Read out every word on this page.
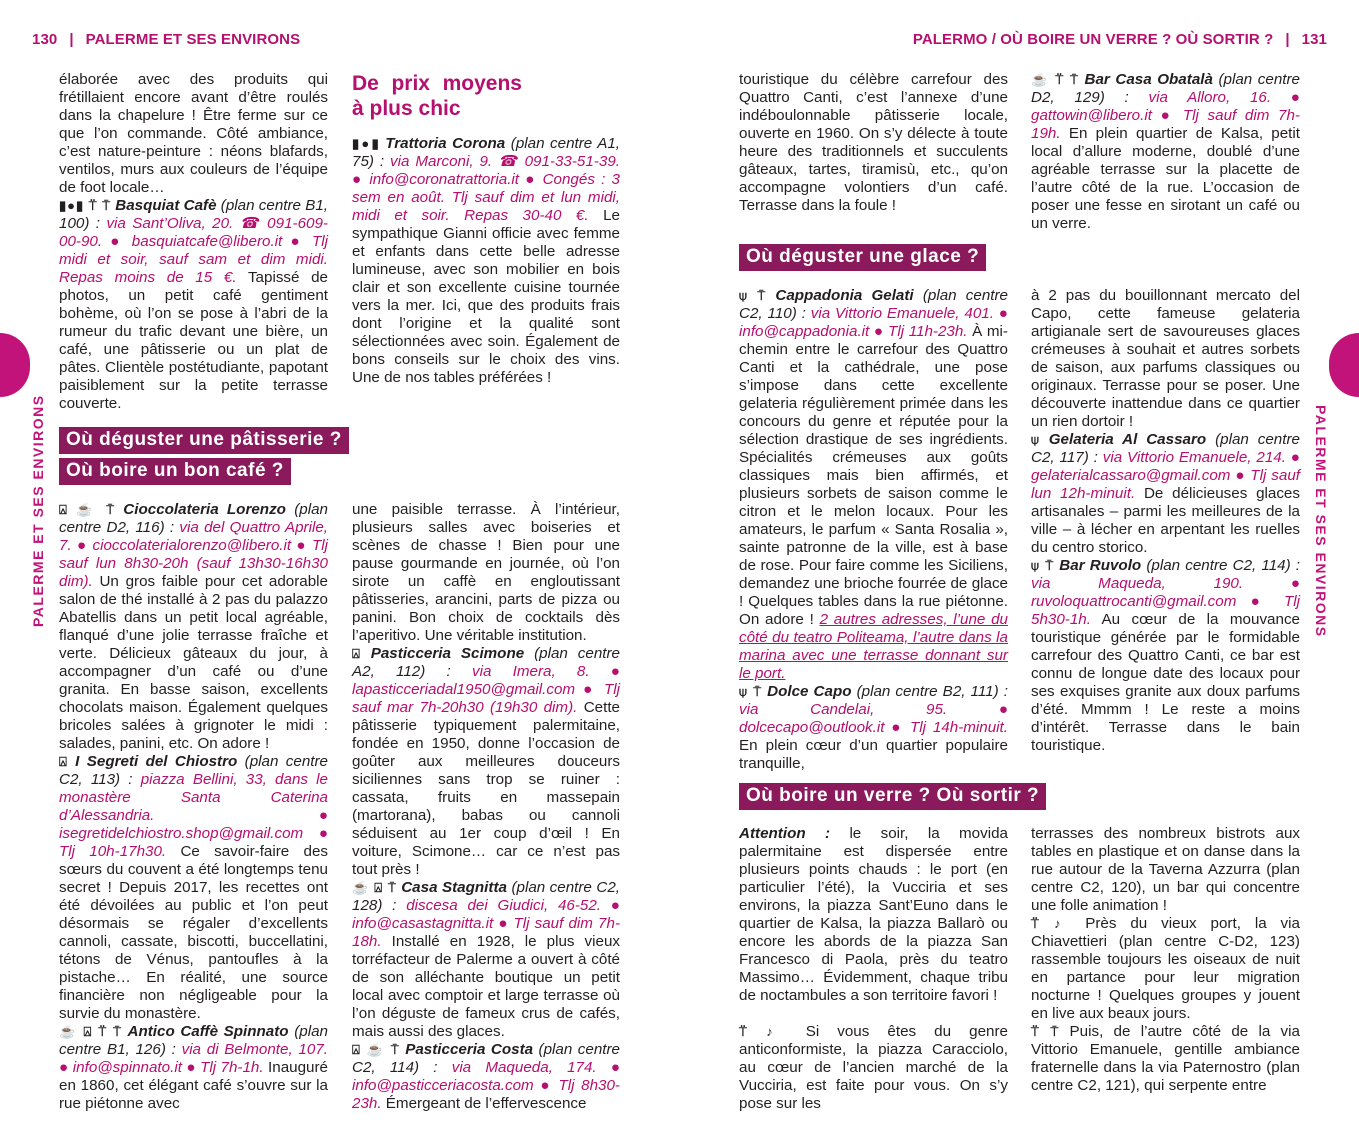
130 | PALERME ET SES ENVIRONS
PALERME ET SES ENVIRONS

élaborée avec des produits qui frétillaient encore avant d’être roulés dans la chapelure ! Être ferme sur ce que l’on commande. Côté ambiance, c’est nature-peinture : néons blafards, ventilos, murs aux couleurs de l’équipe de foot locale…

▮●▮ ⍡ ⍑ Basquiat Cafè (plan centre B1, 100) : via Sant’Oliva, 20. ☎ 091-609-00-90. ● basquiatcafe@libero.it ● Tlj midi et soir, sauf sam et dim midi. Repas moins de 15 €. Tapissé de photos, un petit café gentiment bohème, où l’on se pose à l’abri de la rumeur du trafic devant une bière, un café, une pâtisserie ou un plat de pâtes. Clientèle postétudiante, papotant paisiblement sur la petite terrasse couverte.

De prix moyens à plus chic

▮●▮ Trattoria Corona (plan centre A1, 75) : via Marconi, 9. ☎ 091-33-51-39. ● info@coronatrattoria.it ● Congés : 3 sem en août. Tlj sauf dim et lun midi, midi et soir. Repas 30-40 €. Le sympathique Gianni officie avec femme et enfants dans cette belle adresse lumineuse, avec son mobilier en bois clair et son excellente cuisine tournée vers la mer. Ici, que des produits frais dont l’origine et la qualité sont sélectionnées avec soin. Également de bons conseils sur le choix des vins. Une de nos tables préférées !

Où déguster une pâtisserie ?
Où boire un bon café ?

⍓ ☕ ⍑ Cioccolateria Lorenzo (plan centre D2, 116) : via del Quattro Aprile, 7. ● cioccolaterialorenzo@libero.it ● Tlj sauf lun 8h30-20h (sauf 13h30-16h30 dim). Un gros faible pour cet adorable salon de thé installé à 2 pas du palazzo Abatellis dans un petit local agréable, flanqué d’une jolie terrasse fraîche et verte. Délicieux gâteaux du jour, à accompagner d’un café ou d’une granita. En basse saison, excellents chocolats maison. Également quelques bricoles salées à grignoter le midi : salades, panini, etc. On adore !

⍓ I Segreti del Chiostro (plan centre C2, 113) : piazza Bellini, 33, dans le monastère Santa Caterina d’Alessandria. ● isegretidelchiostro.shop@gmail.com ● Tlj 10h-17h30. Ce savoir-faire des sœurs du couvent a été longtemps tenu secret ! Depuis 2017, les recettes ont été dévoilées au public et l’on peut désormais se régaler d’excellents cannoli, cassate, biscotti, buccellatini, tétons de Vénus, pantoufles à la pistache… En réalité, une source financière non négligeable pour la survie du monastère.

☕ ⍓ ⍡ ⍑ Antico Caffè Spinnato (plan centre B1, 126) : via di Belmonte, 107. ● info@spinnato.it ● Tlj 7h-1h. Inauguré en 1860, cet élégant café s’ouvre sur la rue piétonne avec

une paisible terrasse. À l’intérieur, plusieurs salles avec boiseries et scènes de chasse ! Bien pour une pause gourmande en journée, où l’on sirote un caffè en engloutissant pâtisseries, arancini, parts de pizza ou panini. Bon choix de cocktails dès l’aperitivo. Une véritable institution.

⍓ Pasticceria Scimone (plan centre A2, 112) : via Imera, 8. ● lapasticceriadal1950@gmail.com ● Tlj sauf mar 7h-20h30 (19h30 dim). Cette pâtisserie typiquement palermitaine, fondée en 1950, donne l’occasion de goûter aux meilleures douceurs siciliennes sans trop se ruiner : cassata, fruits en massepain (martorana), babas ou cannoli séduisent au 1er coup d’œil ! En voiture, Scimone… car ce n’est pas tout près !

☕ ⍓ ⍑ Casa Stagnitta (plan centre C2, 128) : discesa dei Giudici, 46-52. ● info@casastagnitta.it ● Tlj sauf dim 7h-18h. Installé en 1928, le plus vieux torréfacteur de Palerme a ouvert à côté de son alléchante boutique un petit local avec comptoir et large terrasse où l’on déguste de fameux crus de cafés, mais aussi des glaces.

⍓ ☕ ⍑ Pasticceria Costa (plan centre C2, 114) : via Maqueda, 174. ● info@pasticceriacosta.com ● Tlj 8h30-23h. Émergeant de l’effervescence

PALERMO / OÙ BOIRE UN VERRE ? OÙ SORTIR ? | 131
PALERME ET SES ENVIRONS

touristique du célèbre carrefour des Quattro Canti, c’est l’annexe d’une indéboulonnable pâtisserie locale, ouverte en 1960. On s’y délecte à toute heure des traditionnels et succulents gâteaux, tartes, tiramisù, etc., qu’on accompagne volontiers d’un café. Terrasse dans la foule !

☕ ⍡ ⍑ Bar Casa Obatalà (plan centre D2, 129) : via Alloro, 16. ● gattowin@libero.it ● Tlj sauf dim 7h-19h. En plein quartier de Kalsa, petit local d’allure moderne, doublé d’une agréable terrasse sur la placette de l’autre côté de la rue. L’occasion de poser une fesse en sirotant un café ou un verre.

Où déguster une glace ?

⍦ ⍑ Cappadonia Gelati (plan centre C2, 110) : via Vittorio Emanuele, 401. ● info@cappadonia.it ● Tlj 11h-23h. À mi-chemin entre le carrefour des Quattro Canti et la cathédrale, une pose s’impose dans cette excellente gelateria régulièrement primée dans les concours du genre et réputée pour la sélection drastique de ses ingrédients. Spécialités crémeuses aux goûts classiques mais bien affirmés, et plusieurs sorbets de saison comme le citron et le melon locaux. Pour les amateurs, le parfum « Santa Rosalia », sainte patronne de la ville, est à base de rose. Pour faire comme les Siciliens, demandez une brioche fourrée de glace ! Quelques tables dans la rue piétonne. On adore ! 2 autres adresses, l’une du côté du teatro Politeama, l’autre dans la marina avec une terrasse donnant sur le port.

⍦ ⍑ Dolce Capo (plan centre B2, 111) : via Candelai, 95. ● dolcecapo@outlook.it ● Tlj 14h-minuit. En plein cœur d’un quartier populaire tranquille,

à 2 pas du bouillonnant mercato del Capo, cette fameuse gelateria artigianale sert de savoureuses glaces crémeuses à souhait et autres sorbets de saison, aux parfums classiques ou originaux. Terrasse pour se poser. Une découverte inattendue dans ce quartier un rien dortoir !

⍦ Gelateria Al Cassaro (plan centre C2, 117) : via Vittorio Emanuele, 214. ● gelaterialcassaro@gmail.com ● Tlj sauf lun 12h-minuit. De délicieuses glaces artisanales – parmi les meilleures de la ville – à lécher en arpentant les ruelles du centro storico.

⍦ ⍑ Bar Ruvolo (plan centre C2, 114) : via Maqueda, 190. ● ruvoloquattrocanti@gmail.com ● Tlj 5h30-1h. Au cœur de la mouvance touristique générée par le formidable carrefour des Quattro Canti, ce bar est connu de longue date des locaux pour ses exquises granite aux doux parfums d’été. Mmmm ! Le reste a moins d’intérêt. Terrasse dans le bain touristique.

Où boire un verre ? Où sortir ?

Attention : le soir, la movida palermitaine est dispersée entre plusieurs points chauds : le port (en particulier l’été), la Vucciria et ses environs, la piazza Sant’Euno dans le quartier de Kalsa, la piazza Ballarò ou encore les abords de la piazza San Francesco di Paola, près du teatro Massimo… Évidemment, chaque tribu de noctambules a son territoire favori !

⍡ ♪ Si vous êtes du genre anticonformiste, la piazza Caracciolo, au cœur de l’ancien marché de la Vucciria, est faite pour vous. On s’y pose sur les

terrasses des nombreux bistrots aux tables en plastique et on danse dans la rue autour de la Taverna Azzurra (plan centre C2, 120), un bar qui concentre une folle animation !

⍡ ♪ Près du vieux port, la via Chiavettieri (plan centre C-D2, 123) rassemble toujours les oiseaux de nuit en partance pour leur migration nocturne ! Quelques groupes y jouent en live aux beaux jours.

⍡ ⍑ Puis, de l’autre côté de la via Vittorio Emanuele, gentille ambiance fraternelle dans la via Paternostro (plan centre C2, 121), qui serpente entre
